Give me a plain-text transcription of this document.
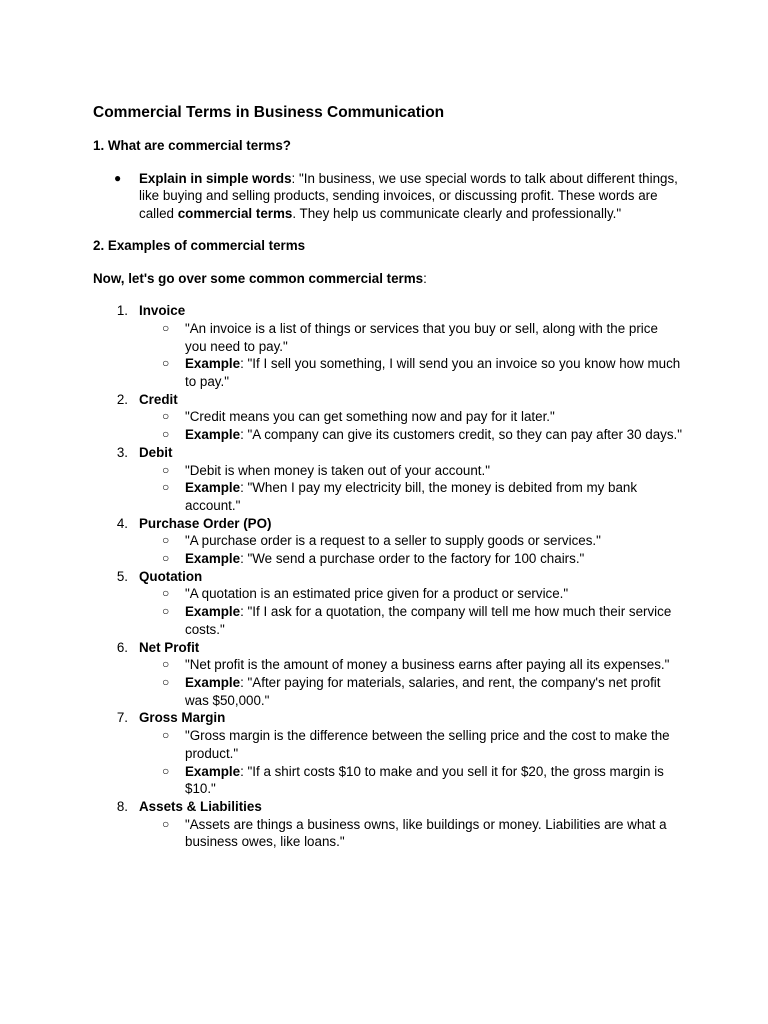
Commercial Terms in Business Communication

1. What are commercial terms?

● Explain in simple words: "In business, we use special words to talk about different things, like buying and selling products, sending invoices, or discussing profit. These words are called commercial terms. They help us communicate clearly and professionally."

2. Examples of commercial terms

Now, let's go over some common commercial terms:

1. Invoice
○ "An invoice is a list of things or services that you buy or sell, along with the price you need to pay."
○ Example: "If I sell you something, I will send you an invoice so you know how much to pay."
2. Credit
○ "Credit means you can get something now and pay for it later."
○ Example: "A company can give its customers credit, so they can pay after 30 days."
3. Debit
○ "Debit is when money is taken out of your account."
○ Example: "When I pay my electricity bill, the money is debited from my bank account."
4. Purchase Order (PO)
○ "A purchase order is a request to a seller to supply goods or services."
○ Example: "We send a purchase order to the factory for 100 chairs."
5. Quotation
○ "A quotation is an estimated price given for a product or service."
○ Example: "If I ask for a quotation, the company will tell me how much their service costs."
6. Net Profit
○ "Net profit is the amount of money a business earns after paying all its expenses."
○ Example: "After paying for materials, salaries, and rent, the company's net profit was $50,000."
7. Gross Margin
○ "Gross margin is the difference between the selling price and the cost to make the product."
○ Example: "If a shirt costs $10 to make and you sell it for $20, the gross margin is $10."
8. Assets & Liabilities
○ "Assets are things a business owns, like buildings or money. Liabilities are what a business owes, like loans."
